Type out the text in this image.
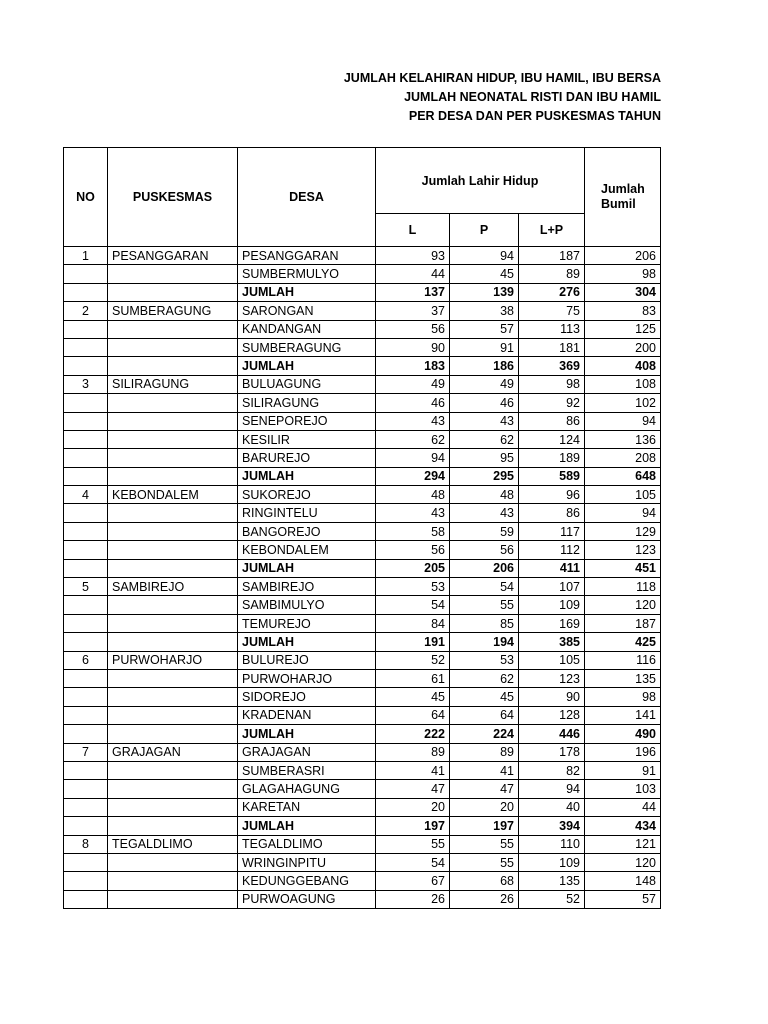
JUMLAH KELAHIRAN HIDUP, IBU HAMIL, IBU BERSA
JUMLAH NEONATAL RISTI DAN IBU HAMIL
PER DESA DAN PER PUSKESMAS TAHUN
NO	PUSKESMAS	DESA	Jumlah Lahir Hidup			Jumlah
Bumil
			L	P	L+P	
1	PESANGGARAN	PESANGGARAN	93	94	187	206
		SUMBERMULYO	44	45	89	98
		JUMLAH	137	139	276	304
2	SUMBERAGUNG	SARONGAN	37	38	75	83
		KANDANGAN	56	57	113	125
		SUMBERAGUNG	90	91	181	200
		JUMLAH	183	186	369	408
3	SILIRAGUNG	BULUAGUNG	49	49	98	108
		SILIRAGUNG	46	46	92	102
		SENEPOREJO	43	43	86	94
		KESILIR	62	62	124	136
		BARUREJO	94	95	189	208
		JUMLAH	294	295	589	648
4	KEBONDALEM	SUKOREJO	48	48	96	105
		RINGINTELU	43	43	86	94
		BANGOREJO	58	59	117	129
		KEBONDALEM	56	56	112	123
		JUMLAH	205	206	411	451
5	SAMBIREJO	SAMBIREJO	53	54	107	118
		SAMBIMULYO	54	55	109	120
		TEMUREJO	84	85	169	187
		JUMLAH	191	194	385	425
6	PURWOHARJO	BULUREJO	52	53	105	116
		PURWOHARJO	61	62	123	135
		SIDOREJO	45	45	90	98
		KRADENAN	64	64	128	141
		JUMLAH	222	224	446	490
7	GRAJAGAN	GRAJAGAN	89	89	178	196
		SUMBERASRI	41	41	82	91
		GLAGAHAGUNG	47	47	94	103
		KARETAN	20	20	40	44
		JUMLAH	197	197	394	434
8	TEGALDLIMO	TEGALDLIMO	55	55	110	121
		WRINGINPITU	54	55	109	120
		KEDUNGGEBANG	67	68	135	148
		PURWOAGUNG	26	26	52	57
